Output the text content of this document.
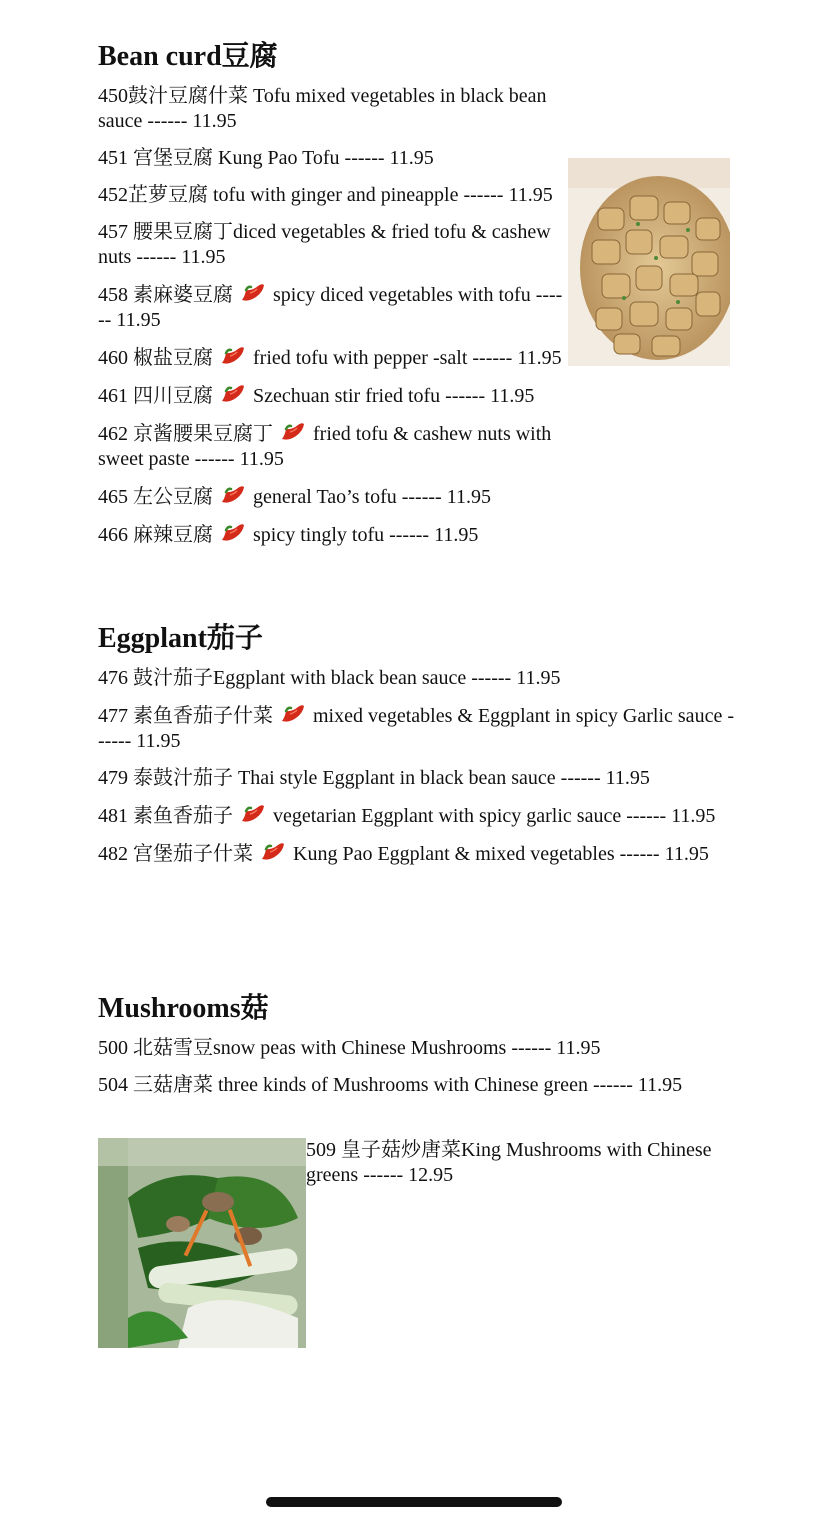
Bean curd豆腐
450鼓汁豆腐什菜 Tofu mixed vegetables in black bean sauce ------ 11.95
451 宫堡豆腐 Kung Pao Tofu ------ 11.95
452芷萝豆腐 tofu with ginger and pineapple ------ 11.95
457 腰果豆腐丁diced vegetables & fried tofu & cashew nuts ------ 11.95
458 素麻婆豆腐 spicy diced vegetables with tofu ------ 11.95
460 椒盐豆腐 fried tofu with pepper -salt ------ 11.95
461 四川豆腐 Szechuan stir fried tofu ------ 11.95
462 京酱腰果豆腐丁 fried tofu & cashew nuts with sweet paste ------ 11.95
465 左公豆腐 general Tao’s tofu ------ 11.95
466 麻辣豆腐 spicy tingly tofu ------ 11.95
Eggplant茄子
476 鼓汁茄子Eggplant with black bean sauce ------ 11.95
477 素鱼香茄子什菜 mixed vegetables & Eggplant in spicy Garlic sauce ------ 11.95
479 泰鼓汁茄子 Thai style Eggplant in black bean sauce ------ 11.95
481 素鱼香茄子 vegetarian Eggplant with spicy garlic sauce ------ 11.95
482 宫堡茄子什菜 Kung Pao Eggplant & mixed vegetables ------ 11.95
Mushrooms菇
500 北菇雪豆snow peas with Chinese Mushrooms ------ 11.95
504 三菇唐菜 three kinds of Mushrooms with Chinese green ------ 11.95
509 皇子菇炒唐菜King Mushrooms with Chinese greens ------ 12.95
